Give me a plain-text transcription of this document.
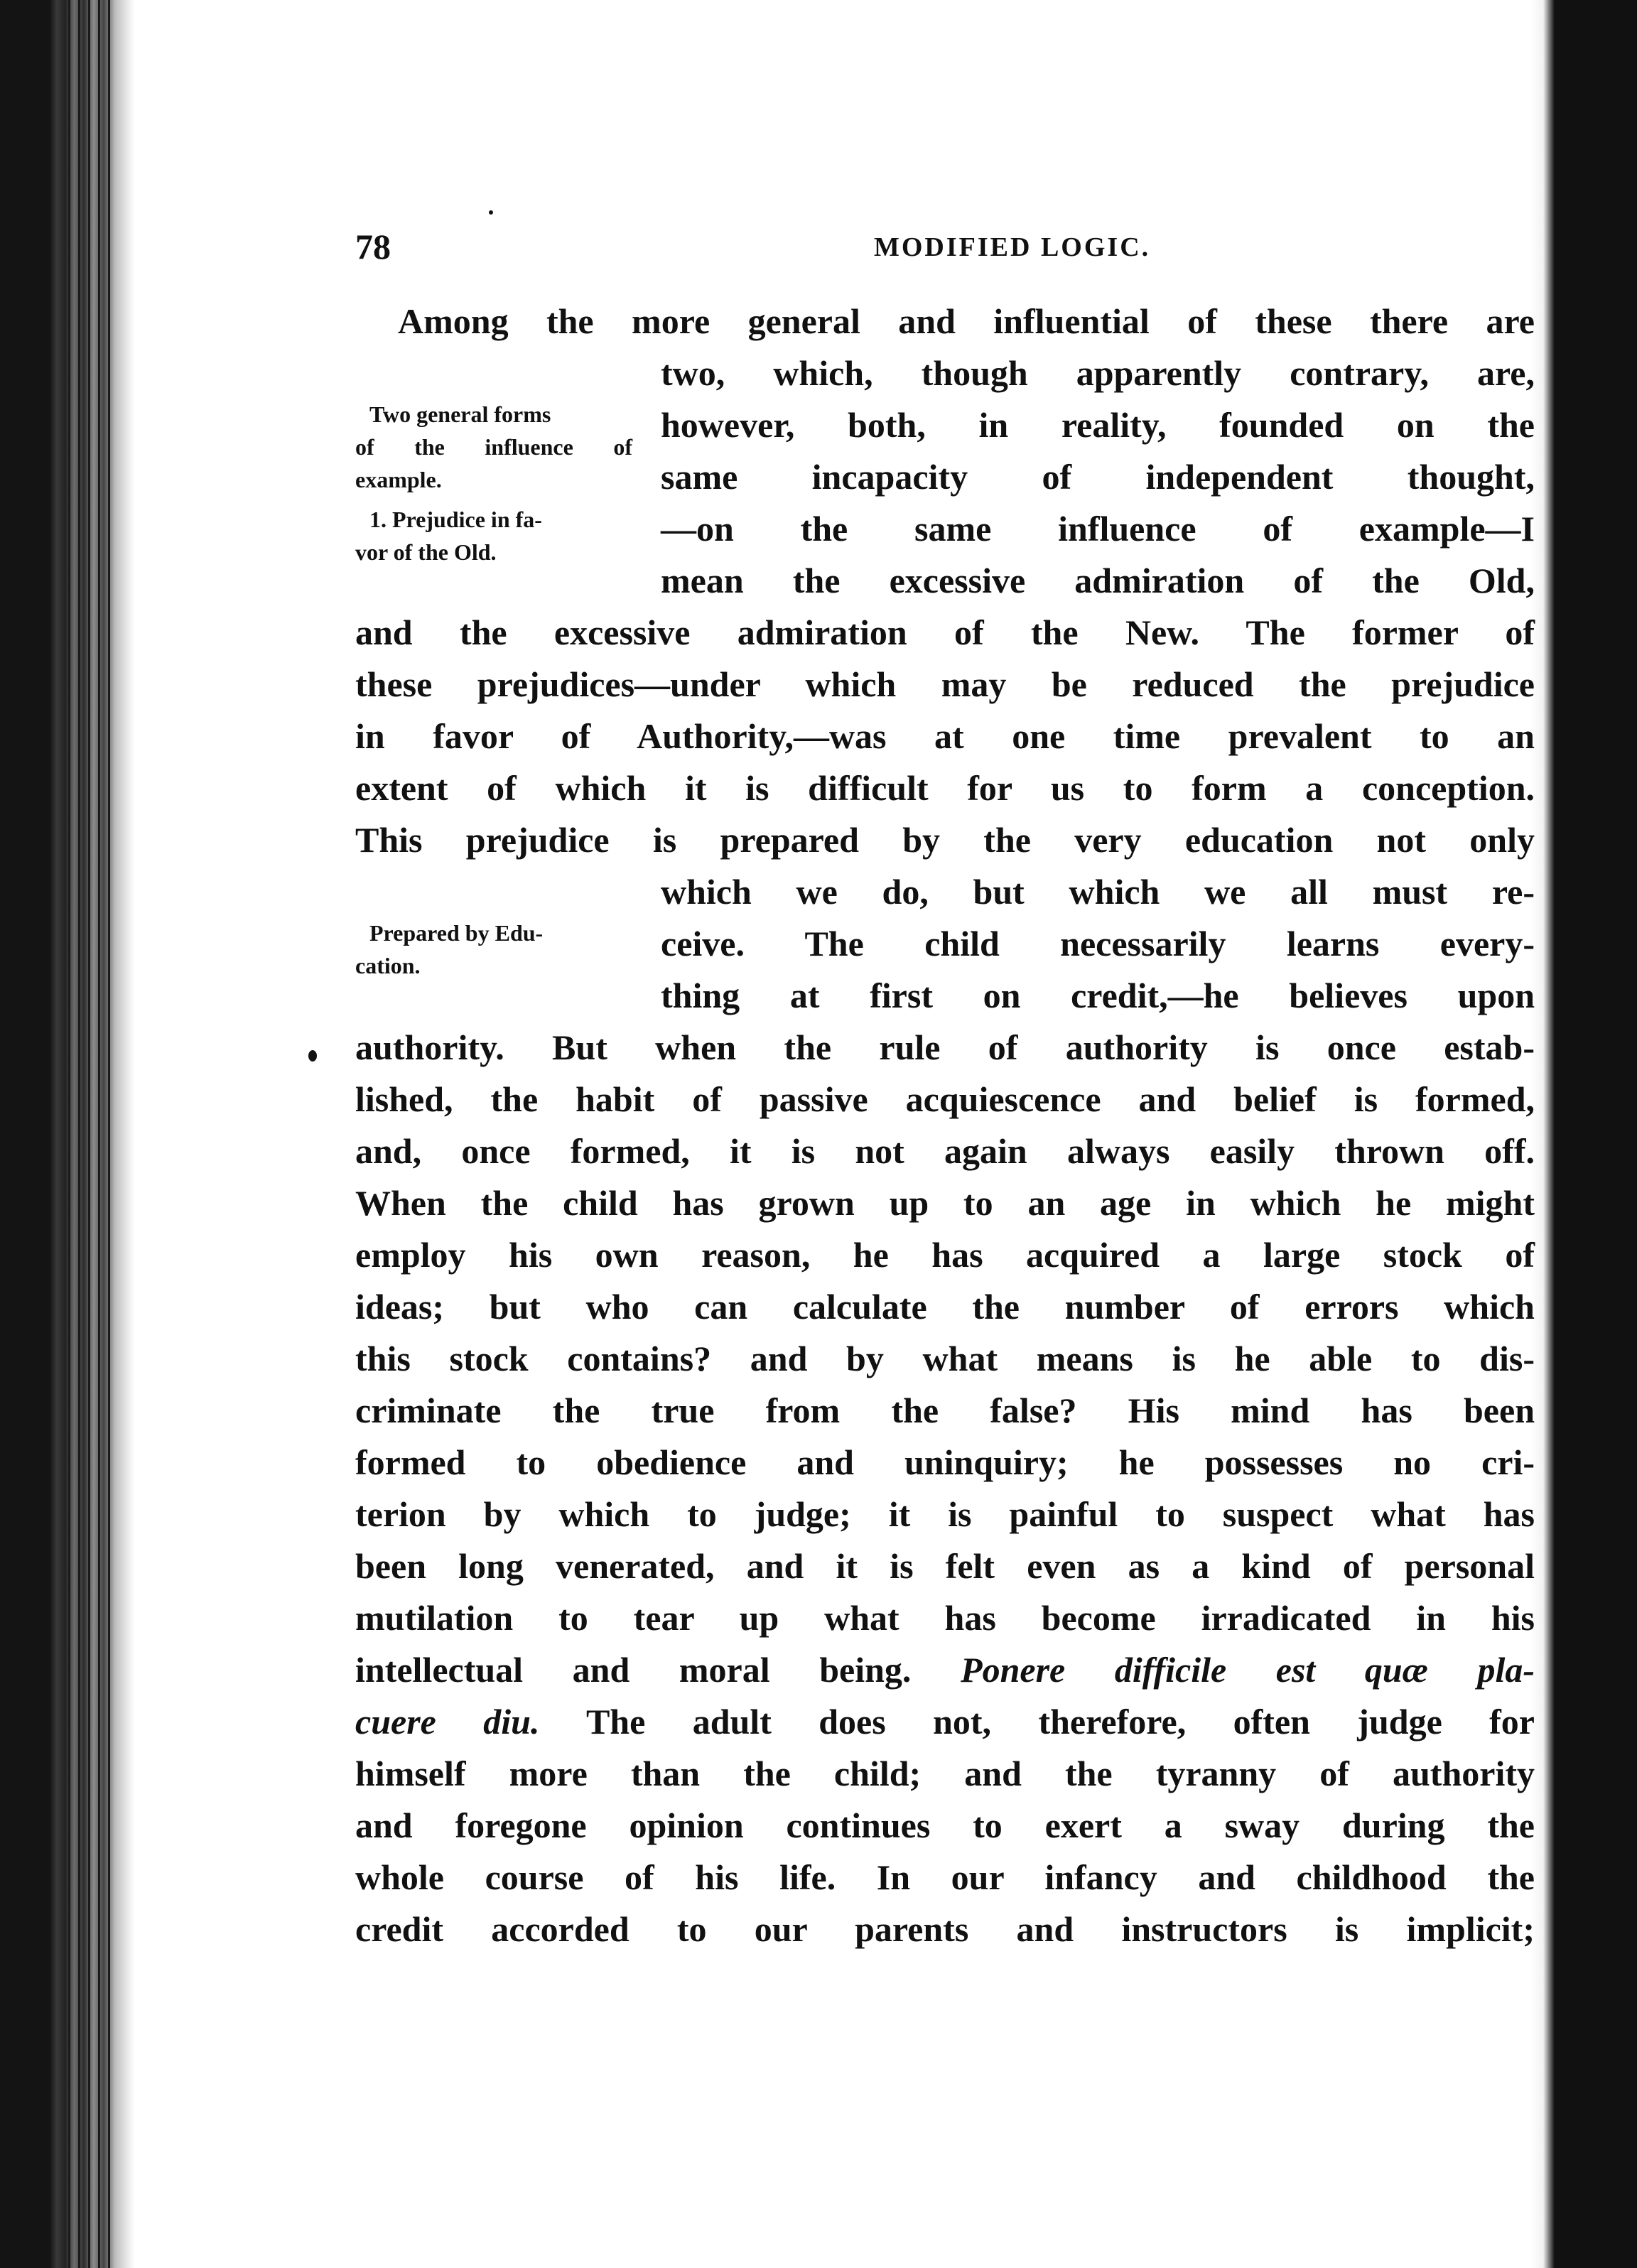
78	MODIFIED LOGIC.
Two general forms
of the influence of
example.
1. Prejudice in fa-
vor of the Old.
Prepared by Edu-
cation.
Among the more general and influential of these there are
two, which, though apparently contrary, are,
however, both, in reality, founded on the
same incapacity of independent thought,
—on the same influence of example—I
mean the excessive admiration of the Old,
and the excessive admiration of the New. The former of
these prejudices—under which may be reduced the prejudice
in favor of Authority,—was at one time prevalent to an
extent of which it is difficult for us to form a conception.
This prejudice is prepared by the very education not only
which we do, but which we all must re-
ceive. The child necessarily learns every-
thing at first on credit,—he believes upon
authority. But when the rule of authority is once estab-
lished, the habit of passive acquiescence and belief is formed,
and, once formed, it is not again always easily thrown off.
When the child has grown up to an age in which he might
employ his own reason, he has acquired a large stock of
ideas; but who can calculate the number of errors which
this stock contains? and by what means is he able to dis-
criminate the true from the false? His mind has been
formed to obedience and uninquiry; he possesses no cri-
terion by which to judge; it is painful to suspect what has
been long venerated, and it is felt even as a kind of personal
mutilation to tear up what has become irradicated in his
intellectual and moral being. Ponere difficile est quæ pla-
cuere diu. The adult does not, therefore, often judge for
himself more than the child; and the tyranny of authority
and foregone opinion continues to exert a sway during the
whole course of his life. In our infancy and childhood the
credit accorded to our parents and instructors is implicit;
